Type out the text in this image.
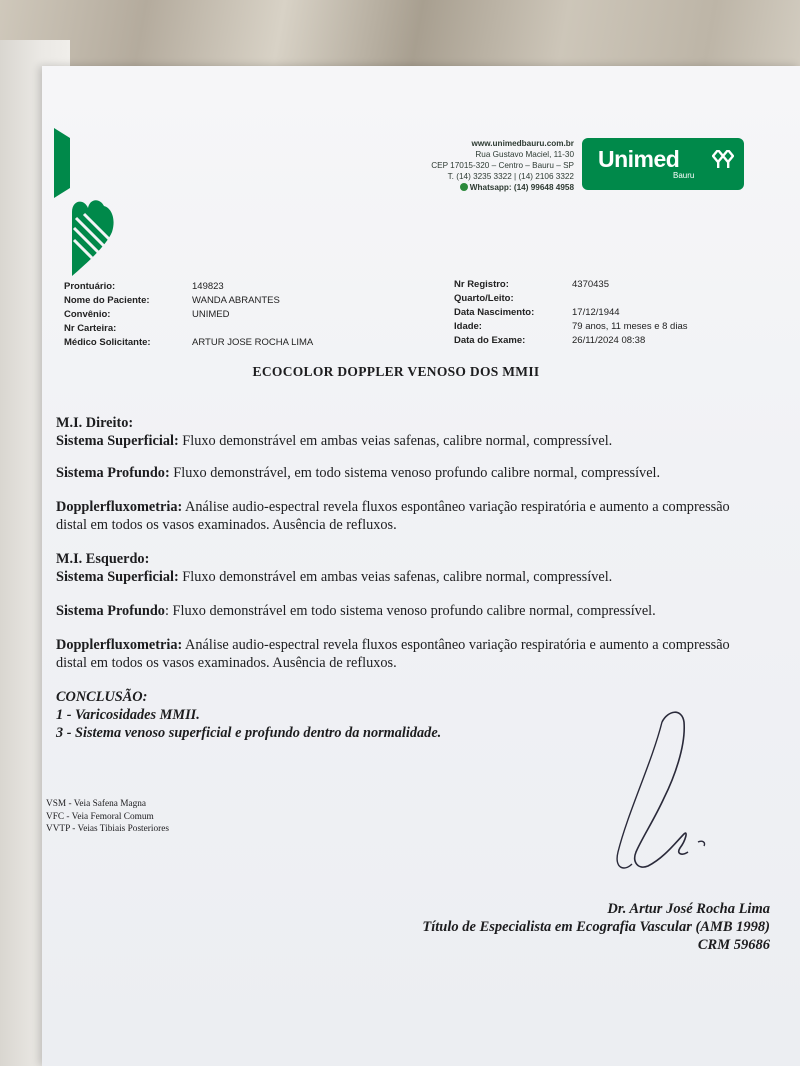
www.unimedbauru.com.br
Rua Gustavo Maciel, 11-30
CEP 17015-320 – Centro – Bauru – SP
T. (14) 3235 3322 | (14) 2106 3322
Whatsapp: (14) 99648 4958
Unimed
Bauru
Prontuário:	149823
Nome do Paciente:	WANDA ABRANTES
Convênio:	UNIMED
Nr Carteira:
Médico Solicitante:	ARTUR JOSE ROCHA LIMA
Nr Registro:	4370435
Quarto/Leito:
Data Nascimento:	17/12/1944
Idade:	79 anos, 11 meses e 8 dias
Data do Exame:	26/11/2024 08:38
ECOCOLOR DOPPLER VENOSO DOS MMII

M.I. Direito:

Sistema Superficial: Fluxo demonstrável em ambas veias safenas, calibre normal, compressível.

Sistema Profundo: Fluxo demonstrável, em todo sistema venoso profundo calibre normal, compressível.

Dopplerfluxometria: Análise audio-espectral revela fluxos espontâneo variação respiratória e aumento a compressão distal em todos os vasos examinados. Ausência de refluxos.

M.I. Esquerdo:

Sistema Superficial: Fluxo demonstrável em ambas veias safenas, calibre normal, compressível.

Sistema Profundo: Fluxo demonstrável em todo sistema venoso profundo calibre normal, compressível.

Dopplerfluxometria: Análise audio-espectral revela fluxos espontâneo variação respiratória e aumento a compressão distal em todos os vasos examinados. Ausência de refluxos.

CONCLUSÃO:

1 - Varicosidades MMII.

3 - Sistema venoso superficial e profundo dentro da normalidade.

VSM - Veia Safena Magna
VFC - Veia Femoral Comum
VVTP - Veias Tibiais Posteriores
Dr. Artur José Rocha Lima
Título de Especialista em Ecografia Vascular (AMB 1998)
CRM 59686
